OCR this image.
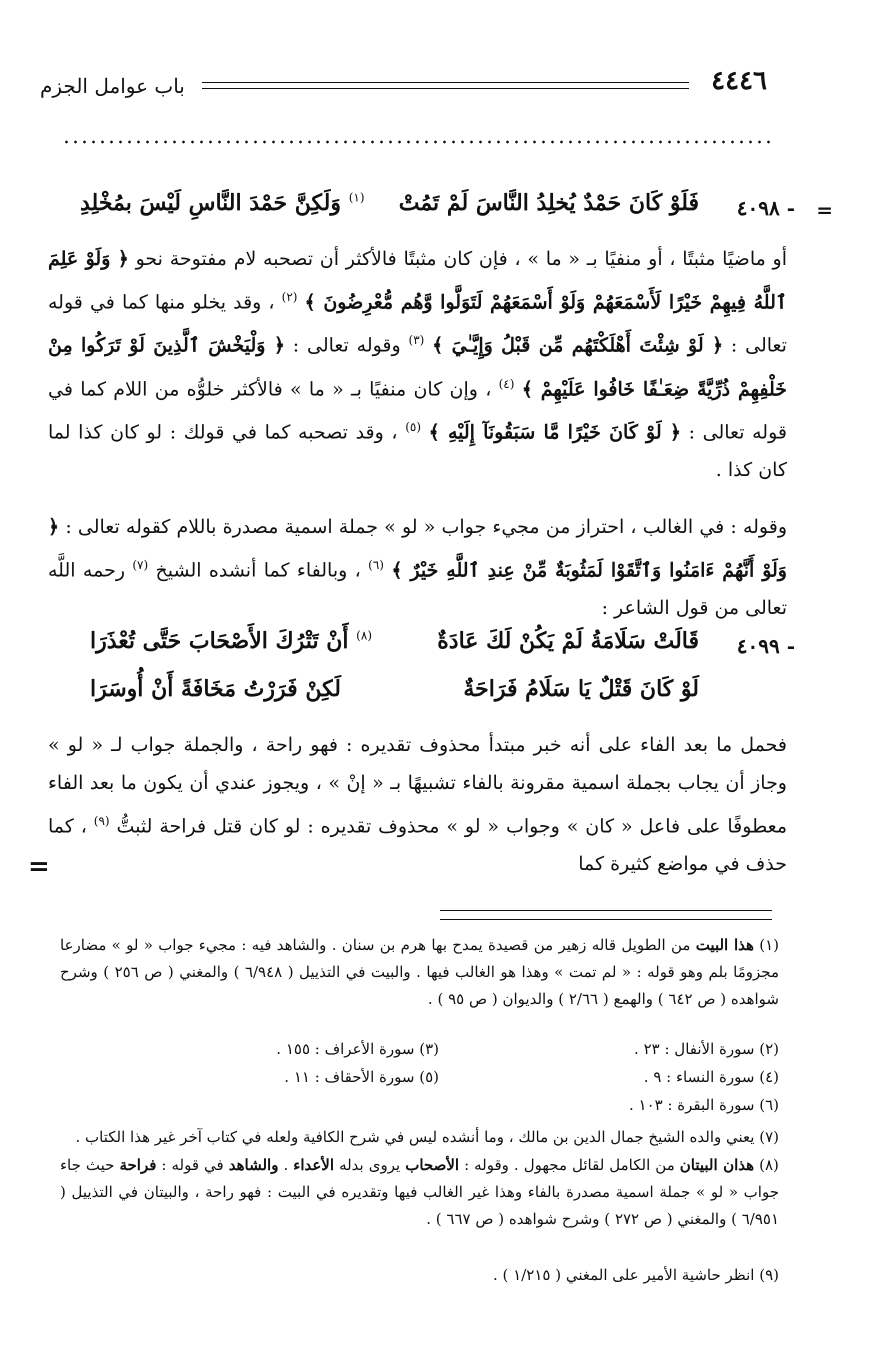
٤٤٤٦
باب عوامل الجزم
=
٤٠٩٨ -
فَلَوْ كَانَ حَمْدٌ يُخلِدُ النَّاسَ لَمْ تَمُتْ
$^{(١)}$ وَلَكِنَّ حَمْدَ النَّاسِ لَيْسَ بمُخْلِدِ
أو ماضيًا مثبتًا ، أو منفيًا بـ « ما » ، فإن كان مثبتًا فالأكثر أن تصحبه لام مفتوحة نحو ﴿ وَلَوْ عَلِمَ ٱللَّهُ فِيهِمْ خَيْرًا لَأَسْمَعَهُمْ وَلَوْ أَسْمَعَهُمْ لَتَوَلَّوا وَّهُم مُّعْرِضُونَ ﴾ $^{(٢)}$ ، وقد يخلو منها كما في قوله تعالى : ﴿ لَوْ شِئْتَ أَهْلَكْتَهُم مِّن قَبْلُ وَإِيَّـٰيَ ﴾ $^{(٣)}$ وقوله تعالى : ﴿ وَلْيَخْشَ ٱلَّذِينَ لَوْ تَرَكُوا مِنْ خَلْفِهِمْ ذُرِّيَّةً ضِعَـٰفًا خَافُوا عَلَيْهِمْ ﴾ $^{(٤)}$ ، وإن كان منفيًا بـ « ما » فالأكثر خلوُّه من اللام كما في قوله تعالى : ﴿ لَوْ كَانَ خَيْرًا مَّا سَبَقُونَآ إِلَيْهِ ﴾ $^{(٥)}$ ، وقد تصحبه كما في قولك : لو كان كذا لما كان كذا .
وقوله : في الغالب ، احتراز من مجيء جواب « لو » جملة اسمية مصدرة باللام كقوله تعالى : ﴿ وَلَوْ أَنَّهُمْ ءَامَنُوا وَٱتَّقَوْا لَمَثُوبَةٌ مِّنْ عِندِ ٱللَّهِ خَيْرٌ ﴾ $^{(٦)}$ ، وبالفاء كما أنشده الشيخ $^{(٧)}$ رحمه اللَّه تعالى من قول الشاعر :
٤٠٩٩ -
قَالَتْ سَلَامَةُ لَمْ يَكُنْ لَكَ عَادَةٌ
$^{(٨)}$ أَنْ تَتْرُكَ الأَصْحَابَ حَتَّى تُعْذَرَا
لَوْ كَانَ قَتْلٌ يَا سَلَامُ فَرَاحَةٌ
لَكِنْ فَرَرْتُ مَخَافَةً أَنْ أُوسَرَا
فحمل ما بعد الفاء على أنه خبر مبتدأ محذوف تقديره : فهو راحة ، والجملة جواب لـ « لو » وجاز أن يجاب بجملة اسمية مقرونة بالفاء تشبيهًا بـ « إنْ » ، ويجوز عندي أن يكون ما بعد الفاء معطوفًا على فاعل « كان » وجواب « لو » محذوف تقديره : لو كان قتل فراحة لثبتُّ $^{(٩)}$ ، كما حذف في مواضع كثيرة كما
=
(١) هذا البيت من الطويل قاله زهير من قصيدة يمدح بها هرم بن سنان . والشاهد فيه : مجيء جواب « لو » مضارعا مجزومًا بلم وهو قوله : « لم تمت » وهذا هو الغالب فيها . والبيت في التذييل ( ٦/٩٤٨ ) والمغني ( ص ٢٥٦ ) وشرح شواهده ( ص ٦٤٢ ) والهمع ( ٢/٦٦ ) والديوان ( ص ٩٥ ) .
(٢) سورة الأنفال : ٢٣ .
(٣) سورة الأعراف : ١٥٥ .
(٤) سورة النساء : ٩ .
(٥) سورة الأحقاف : ١١ .
(٦) سورة البقرة : ١٠٣ .
(٧) يعني والده الشيخ جمال الدين بن مالك ، وما أنشده ليس في شرح الكافية ولعله في كتاب آخر غير هذا الكتاب .
(٨) هذان البيتان من الكامل لقائل مجهول . وقوله : الأصحاب يروى بدله الأعداء . والشاهد في قوله : فراحة حيث جاء جواب « لو » جملة اسمية مصدرة بالفاء وهذا غير الغالب فيها وتقديره في البيت : فهو راحة ، والبيتان في التذييل ( ٦/٩٥١ ) والمغني ( ص ٢٧٢ ) وشرح شواهده ( ص ٦٦٧ ) .
(٩) انظر حاشية الأمير على المغني ( ١/٢١٥ ) .
